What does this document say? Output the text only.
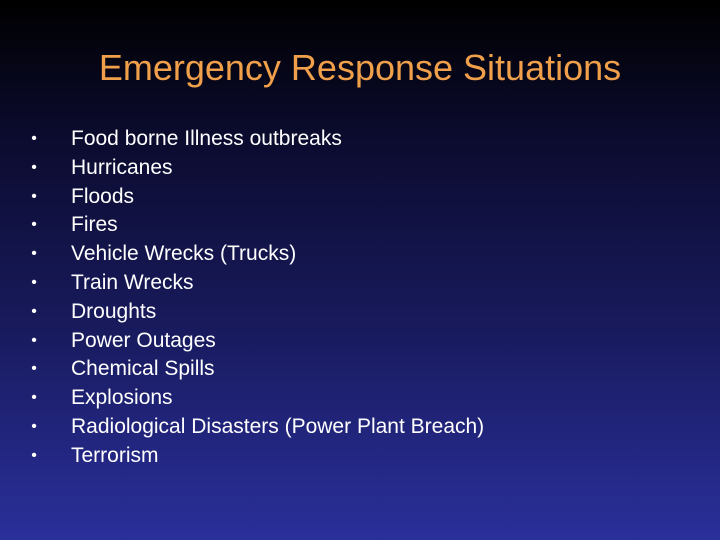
Emergency Response Situations
• Food borne Illness outbreaks
• Hurricanes
• Floods
• Fires
• Vehicle Wrecks (Trucks)
• Train Wrecks
• Droughts
• Power Outages
• Chemical Spills
• Explosions
• Radiological Disasters (Power Plant Breach)
• Terrorism
